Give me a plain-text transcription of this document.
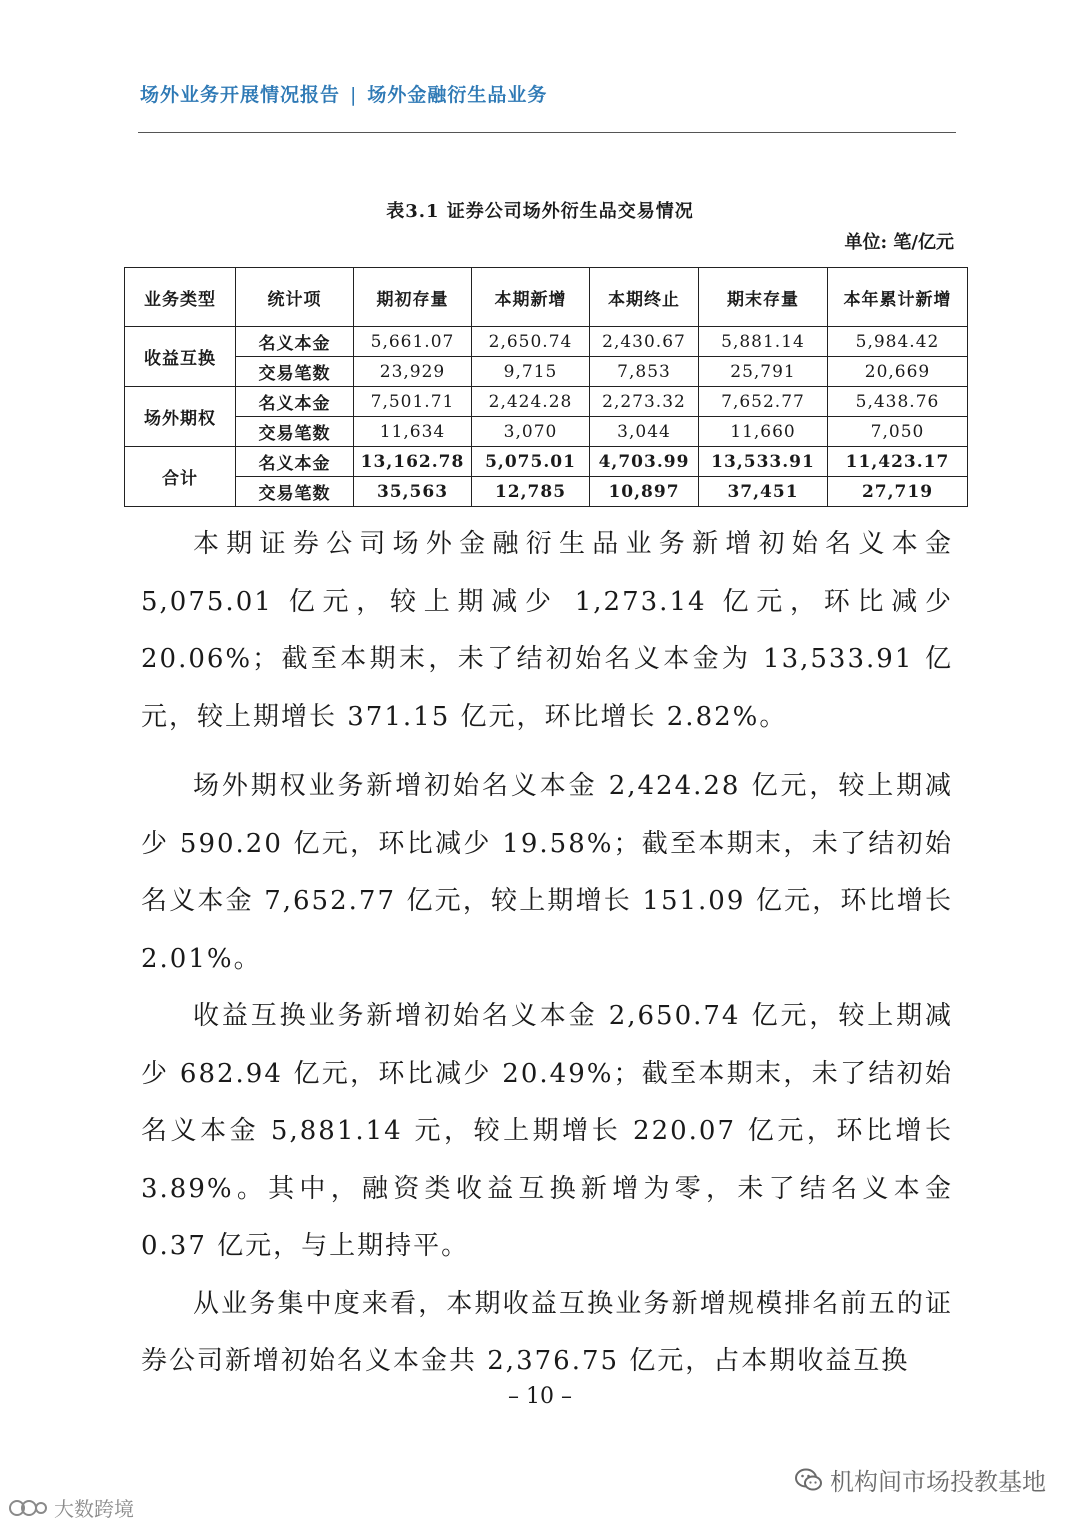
场外业务开展情况报告 | 场外金融衍生品业务
表3.1 证券公司场外衍生品交易情况
单位: 笔/亿元
业务类型	统计项	期初存量	本期新增	本期终止	期末存量	本年累计新增
收益互换	名义本金	5,661.07	2,650.74	2,430.67	5,881.14	5,984.42
	交易笔数	23,929	9,715	7,853	25,791	20,669
场外期权	名义本金	7,501.71	2,424.28	2,273.32	7,652.77	5,438.76
	交易笔数	11,634	3,070	3,044	11,660	7,050
合计	名义本金	13,162.78	5,075.01	4,703.99	13,533.91	11,423.17
	交易笔数	35,563	12,785	10,897	37,451	27,719

本期证券公司场外金融衍生品业务新增初始名义本金 5,075.01 亿元，较上期减少 1,273.14 亿元，环比减少 20.06%；截至本期末，未了结初始名义本金为 13,533.91 亿元，较上期增长 371.15 亿元，环比增长 2.82%。

场外期权业务新增初始名义本金 2,424.28 亿元，较上期减少 590.20 亿元，环比减少 19.58%；截至本期末，未了结初始名义本金 7,652.77 亿元，较上期增长 151.09 亿元，环比增长 2.01%。

收益互换业务新增初始名义本金 2,650.74 亿元，较上期减少 682.94 亿元，环比减少 20.49%；截至本期末，未了结初始名义本金 5,881.14 元，较上期增长 220.07 亿元，环比增长 3.89%。其中，融资类收益互换新增为零，未了结名义本金 0.37 亿元，与上期持平。

从业务集中度来看，本期收益互换业务新增规模排名前五的证券公司新增初始名义本金共 2,376.75 亿元，占本期收益互换

– 10 –
机构间市场投教基地
大数跨境
